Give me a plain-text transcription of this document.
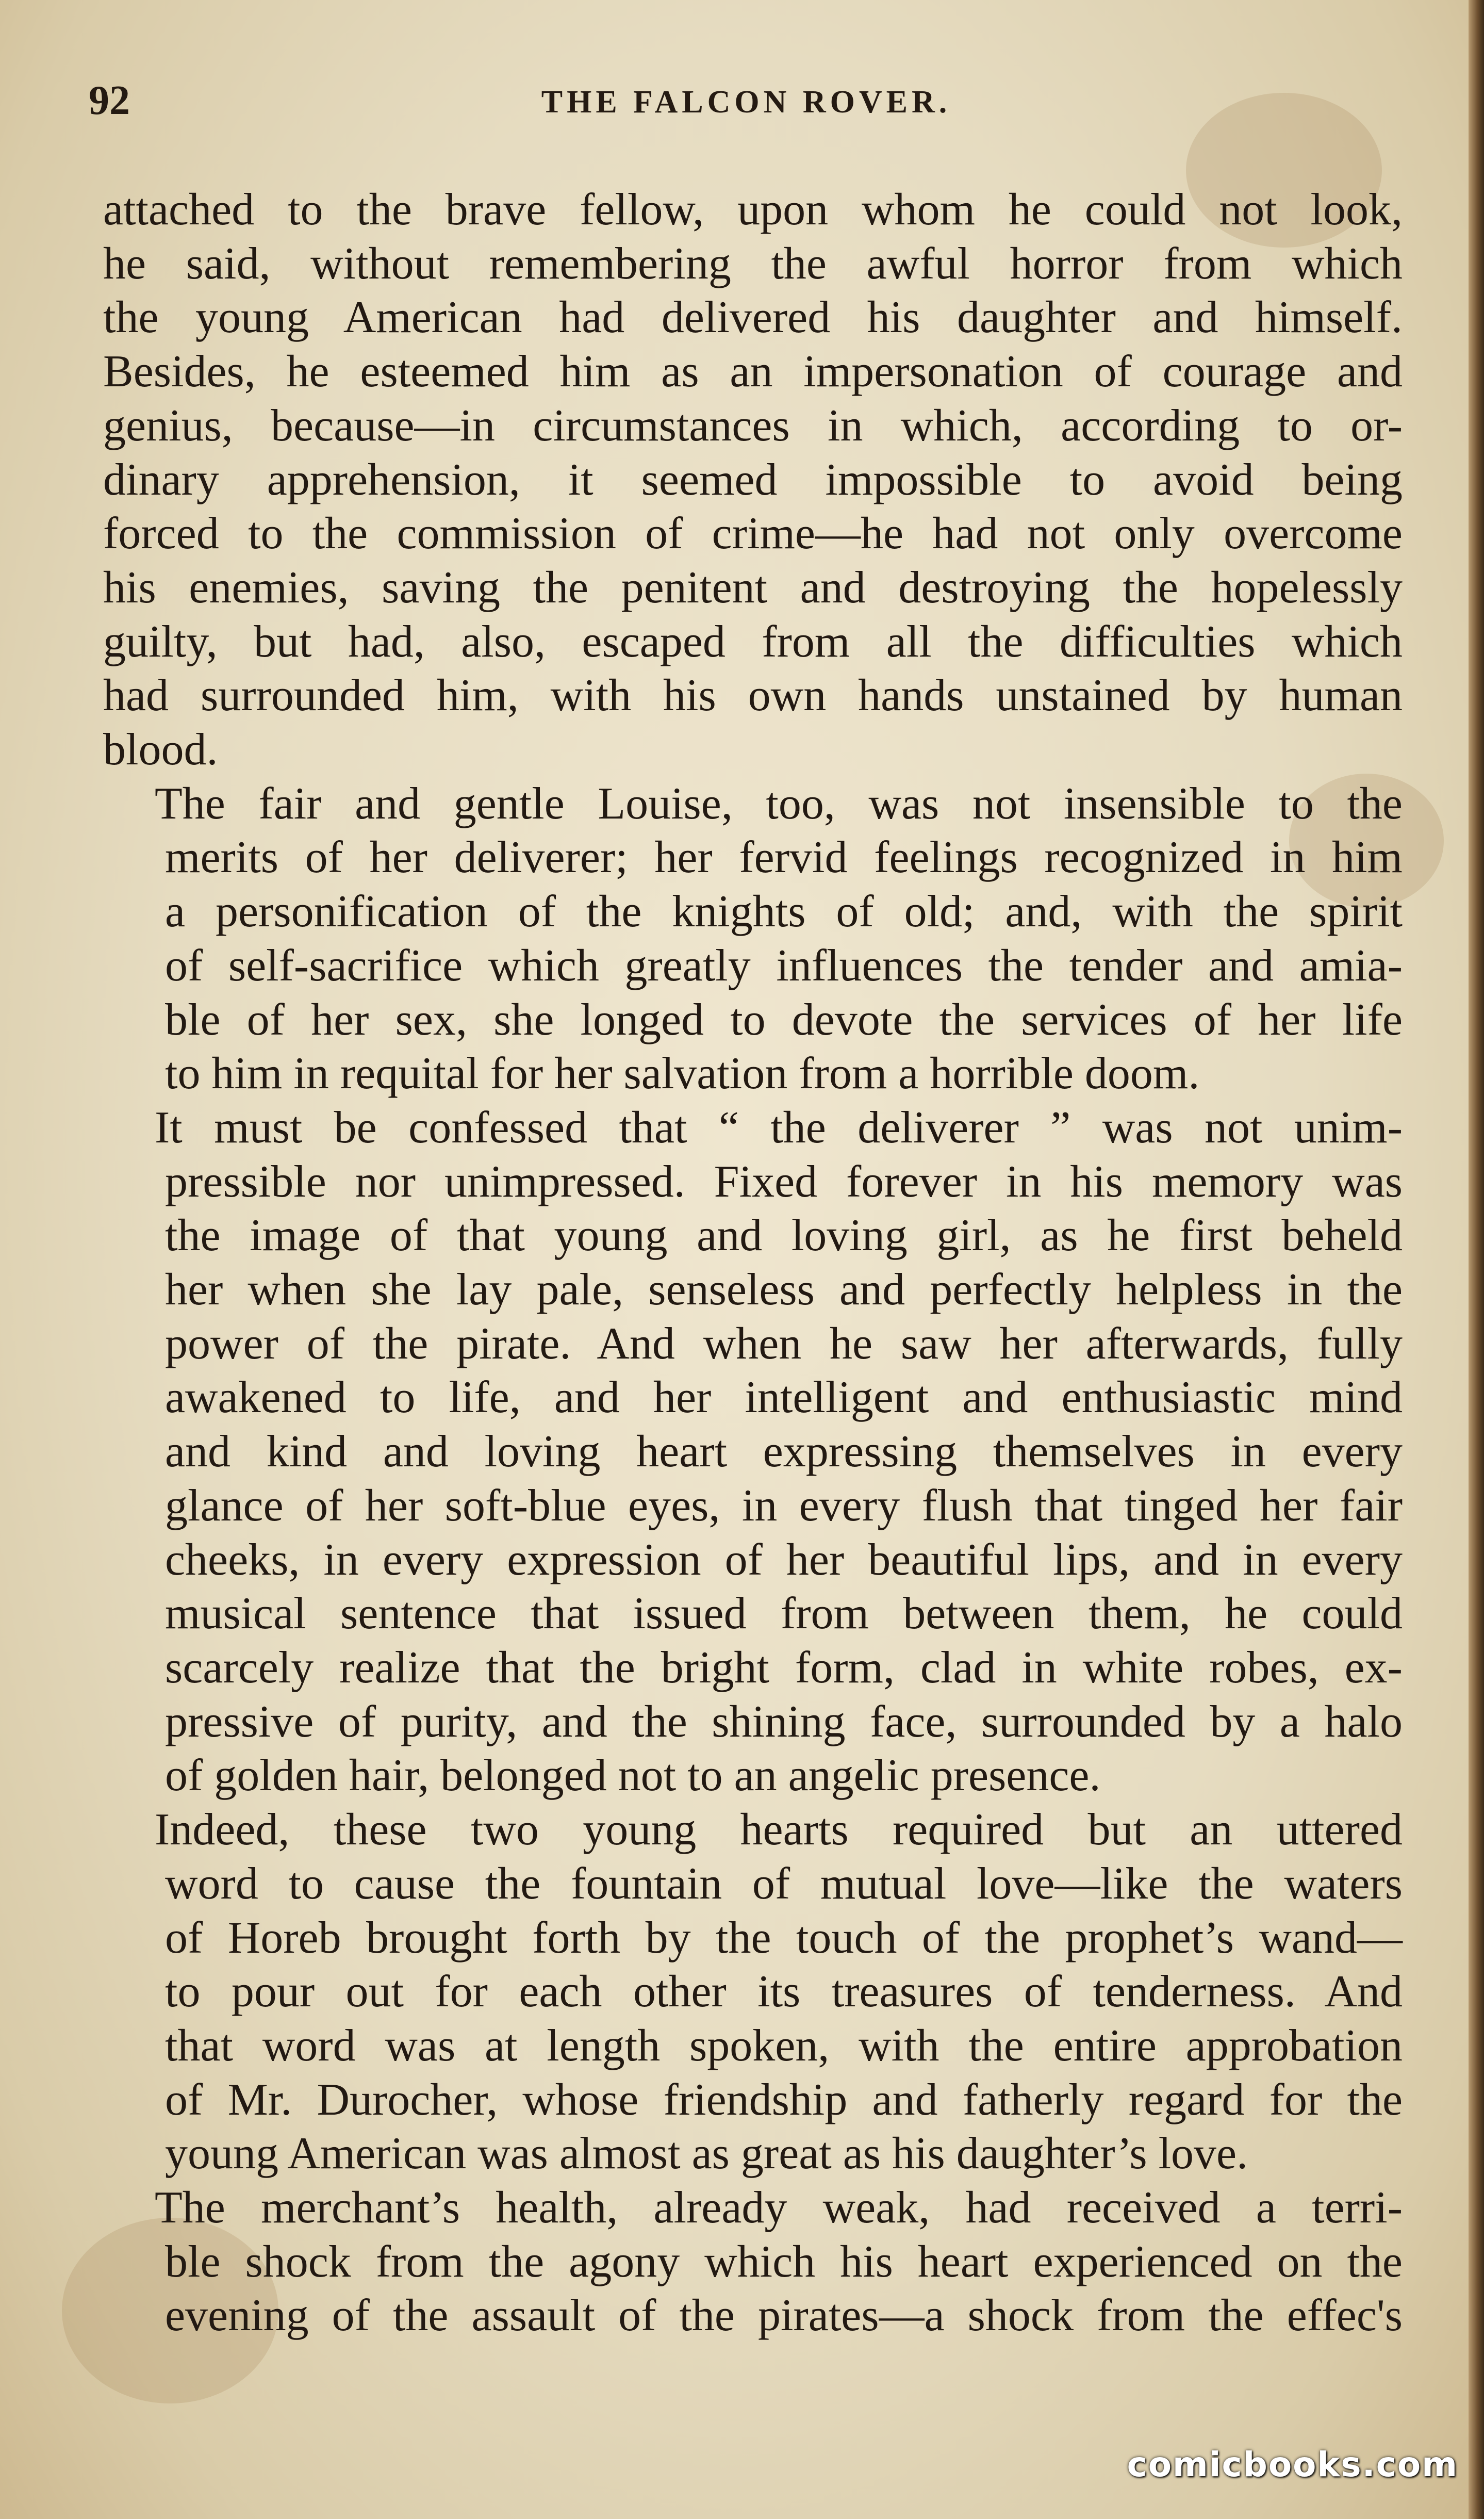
92	THE FALCON ROVER.
attached to the brave fellow, upon whom he could not look,
he said, without remembering the awful horror from which
the young American had delivered his daughter and himself.
Besides, he esteemed him as an impersonation of courage and
genius, because—in circumstances in which, according to or-
dinary apprehension, it seemed impossible to avoid being
forced to the commission of crime—he had not only overcome
his enemies, saving the penitent and destroying the hopelessly
guilty, but had, also, escaped from all the difficulties which
had surrounded him, with his own hands unstained by human
blood.
The fair and gentle Louise, too, was not insensible to the
merits of her deliverer; her fervid feelings recognized in him
a personification of the knights of old; and, with the spirit
of self-sacrifice which greatly influences the tender and amia-
ble of her sex, she longed to devote the services of her life
to him in requital for her salvation from a horrible doom.
It must be confessed that “ the deliverer ” was not unim-
pressible nor unimpressed. Fixed forever in his memory was
the image of that young and loving girl, as he first beheld
her when she lay pale, senseless and perfectly helpless in the
power of the pirate. And when he saw her afterwards, fully
awakened to life, and her intelligent and enthusiastic mind
and kind and loving heart expressing themselves in every
glance of her soft-blue eyes, in every flush that tinged her fair
cheeks, in every expression of her beautiful lips, and in every
musical sentence that issued from between them, he could
scarcely realize that the bright form, clad in white robes, ex-
pressive of purity, and the shining face, surrounded by a halo
of golden hair, belonged not to an angelic presence.
Indeed, these two young hearts required but an uttered
word to cause the fountain of mutual love—like the waters
of Horeb brought forth by the touch of the prophet’s wand—
to pour out for each other its treasures of tenderness. And
that word was at length spoken, with the entire approbation
of Mr. Durocher, whose friendship and fatherly regard for the
young American was almost as great as his daughter’s love.
The merchant’s health, already weak, had received a terri-
ble shock from the agony which his heart experienced on the
evening of the assault of the pirates—a shock from the effec's
comicbooks.com
